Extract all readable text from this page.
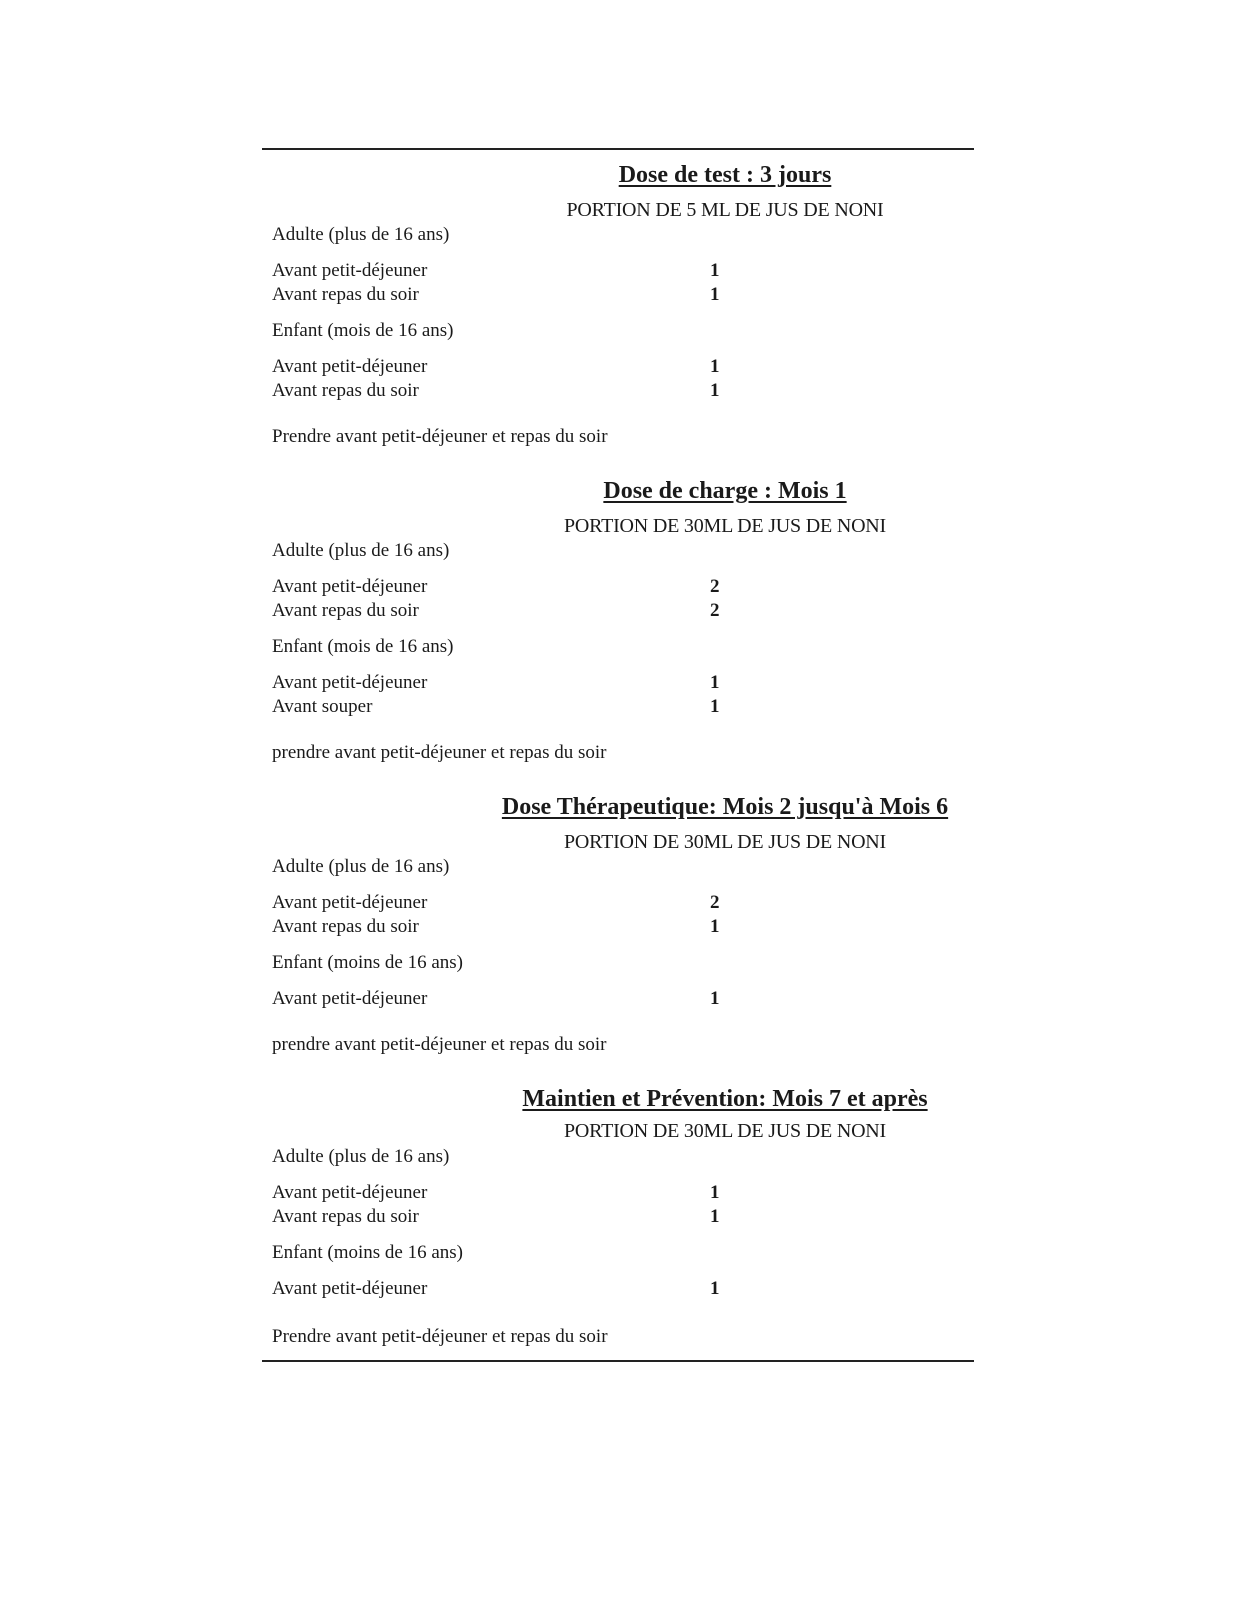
Dose de test : 3 jours
PORTION DE 5 ML DE JUS DE NONI
Adulte (plus de 16 ans)
Avant petit-déjeuner	1
Avant repas du soir	1
Enfant (mois de 16 ans)
Avant petit-déjeuner	1
Avant repas du soir	1
Prendre avant petit-déjeuner et repas du soir
Dose de charge : Mois 1
PORTION DE 30ML DE JUS DE NONI
Adulte (plus de 16 ans)
Avant petit-déjeuner	2
Avant repas du soir	2
Enfant (mois de 16 ans)
Avant petit-déjeuner	1
Avant souper	1
prendre avant petit-déjeuner et repas du soir
Dose Thérapeutique: Mois 2 jusqu'à Mois 6
PORTION DE 30ML DE JUS DE NONI
Adulte (plus de 16 ans)
Avant petit-déjeuner	2
Avant repas du soir	1
Enfant (moins de 16 ans)
Avant petit-déjeuner	1
prendre avant petit-déjeuner et repas du soir
Maintien et Prévention: Mois 7 et après
PORTION DE 30ML DE JUS DE NONI
Adulte (plus de 16 ans)
Avant petit-déjeuner	1
Avant repas du soir	1
Enfant (moins de 16 ans)
Avant petit-déjeuner	1
Prendre avant petit-déjeuner et repas du soir
